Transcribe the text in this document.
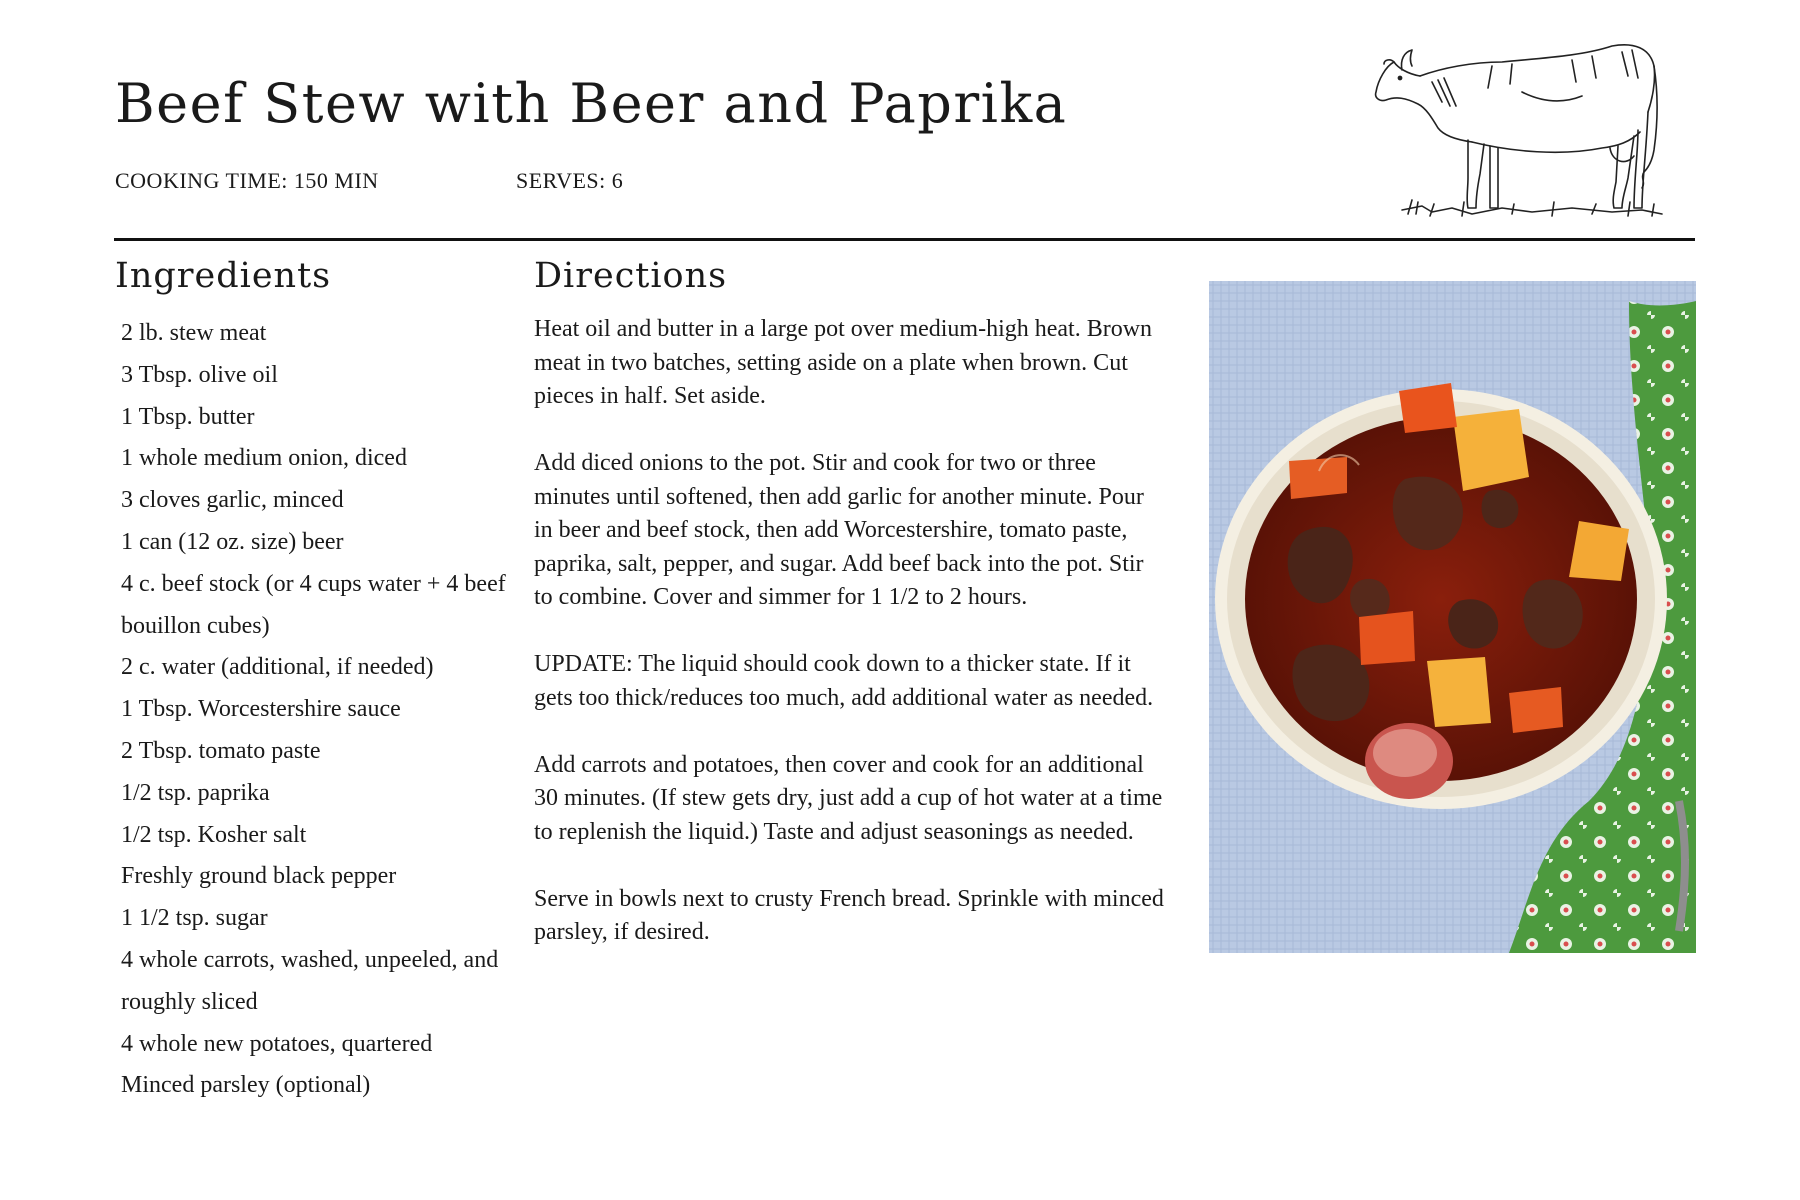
Beef Stew with Beer and Paprika
COOKING TIME: 150 MIN	SERVES: 6
Ingredients	Directions
2 lb. stew meat
3 Tbsp. olive oil
1 Tbsp. butter
1 whole medium onion, diced
3 cloves garlic, minced
1 can (12 oz. size) beer
4 c. beef stock (or 4 cups water + 4 beef bouillon cubes)
2 c. water (additional, if needed)
1 Tbsp. Worcestershire sauce
2 Tbsp. tomato paste
1/2 tsp. paprika
1/2 tsp. Kosher salt
Freshly ground black pepper
1 1/2 tsp. sugar
4 whole carrots, washed, unpeeled, and roughly sliced
4 whole new potatoes, quartered
Minced parsley (optional)

Heat oil and butter in a large pot over medium-high heat. Brown meat in two batches, setting aside on a plate when brown. Cut pieces in half. Set aside.

Add diced onions to the pot. Stir and cook for two or three minutes until softened, then add garlic for another minute. Pour in beer and beef stock, then add Worcestershire, tomato paste, paprika, salt, pepper, and sugar. Add beef back into the pot. Stir to combine. Cover and simmer for 1 1/2 to 2 hours.

UPDATE: The liquid should cook down to a thicker state. If it gets too thick/reduces too much, add additional water as needed.

Add carrots and potatoes, then cover and cook for an additional 30 minutes. (If stew gets dry, just add a cup of hot water at a time to replenish the liquid.) Taste and adjust seasonings as needed.

Serve in bowls next to crusty French bread. Sprinkle with minced parsley, if desired.
